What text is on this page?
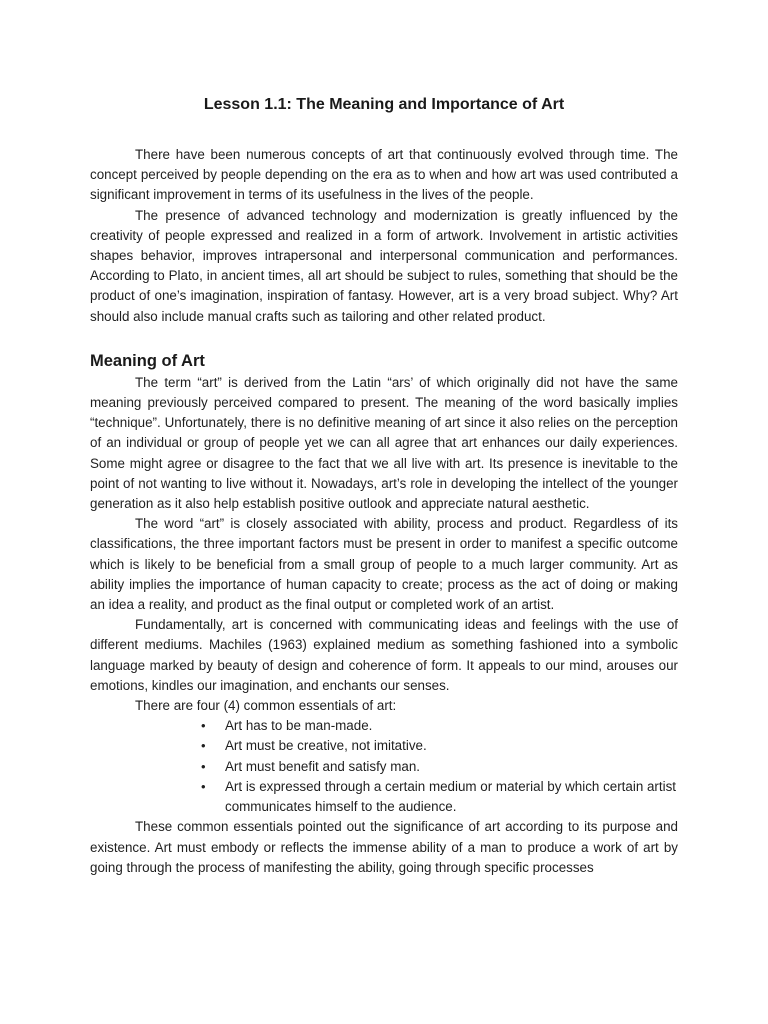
Lesson 1.1: The Meaning and Importance of Art

There have been numerous concepts of art that continuously evolved through time. The concept perceived by people depending on the era as to when and how art was used contributed a significant improvement in terms of its usefulness in the lives of the people.

The presence of advanced technology and modernization is greatly influenced by the creativity of people expressed and realized in a form of artwork. Involvement in artistic activities shapes behavior, improves intrapersonal and interpersonal communication and performances. According to Plato, in ancient times, all art should be subject to rules, something that should be the product of one’s imagination, inspiration of fantasy. However, art is a very broad subject. Why? Art should also include manual crafts such as tailoring and other related product.

Meaning of Art

The term “art” is derived from the Latin “ars’ of which originally did not have the same meaning previously perceived compared to present. The meaning of the word basically implies “technique”. Unfortunately, there is no definitive meaning of art since it also relies on the perception of an individual or group of people yet we can all agree that art enhances our daily experiences. Some might agree or disagree to the fact that we all live with art. Its presence is inevitable to the point of not wanting to live without it. Nowadays, art’s role in developing the intellect of the younger generation as it also help establish positive outlook and appreciate natural aesthetic.

The word “art” is closely associated with ability, process and product. Regardless of its classifications, the three important factors must be present in order to manifest a specific outcome which is likely to be beneficial from a small group of people to a much larger community. Art as ability implies the importance of human capacity to create; process as the act of doing or making an idea a reality, and product as the final output or completed work of an artist.

Fundamentally, art is concerned with communicating ideas and feelings with the use of different mediums. Machiles (1963) explained medium as something fashioned into a symbolic language marked by beauty of design and coherence of form. It appeals to our mind, arouses our emotions, kindles our imagination, and enchants our senses.

There are four (4) common essentials of art:

•	Art has to be man-made.
•	Art must be creative, not imitative.
•	Art must benefit and satisfy man.
•	Art is expressed through a certain medium or material by which certain artist communicates himself to the audience.

These common essentials pointed out the significance of art according to its purpose and existence. Art must embody or reflects the immense ability of a man to produce a work of art by going through the process of manifesting the ability, going through specific processes
